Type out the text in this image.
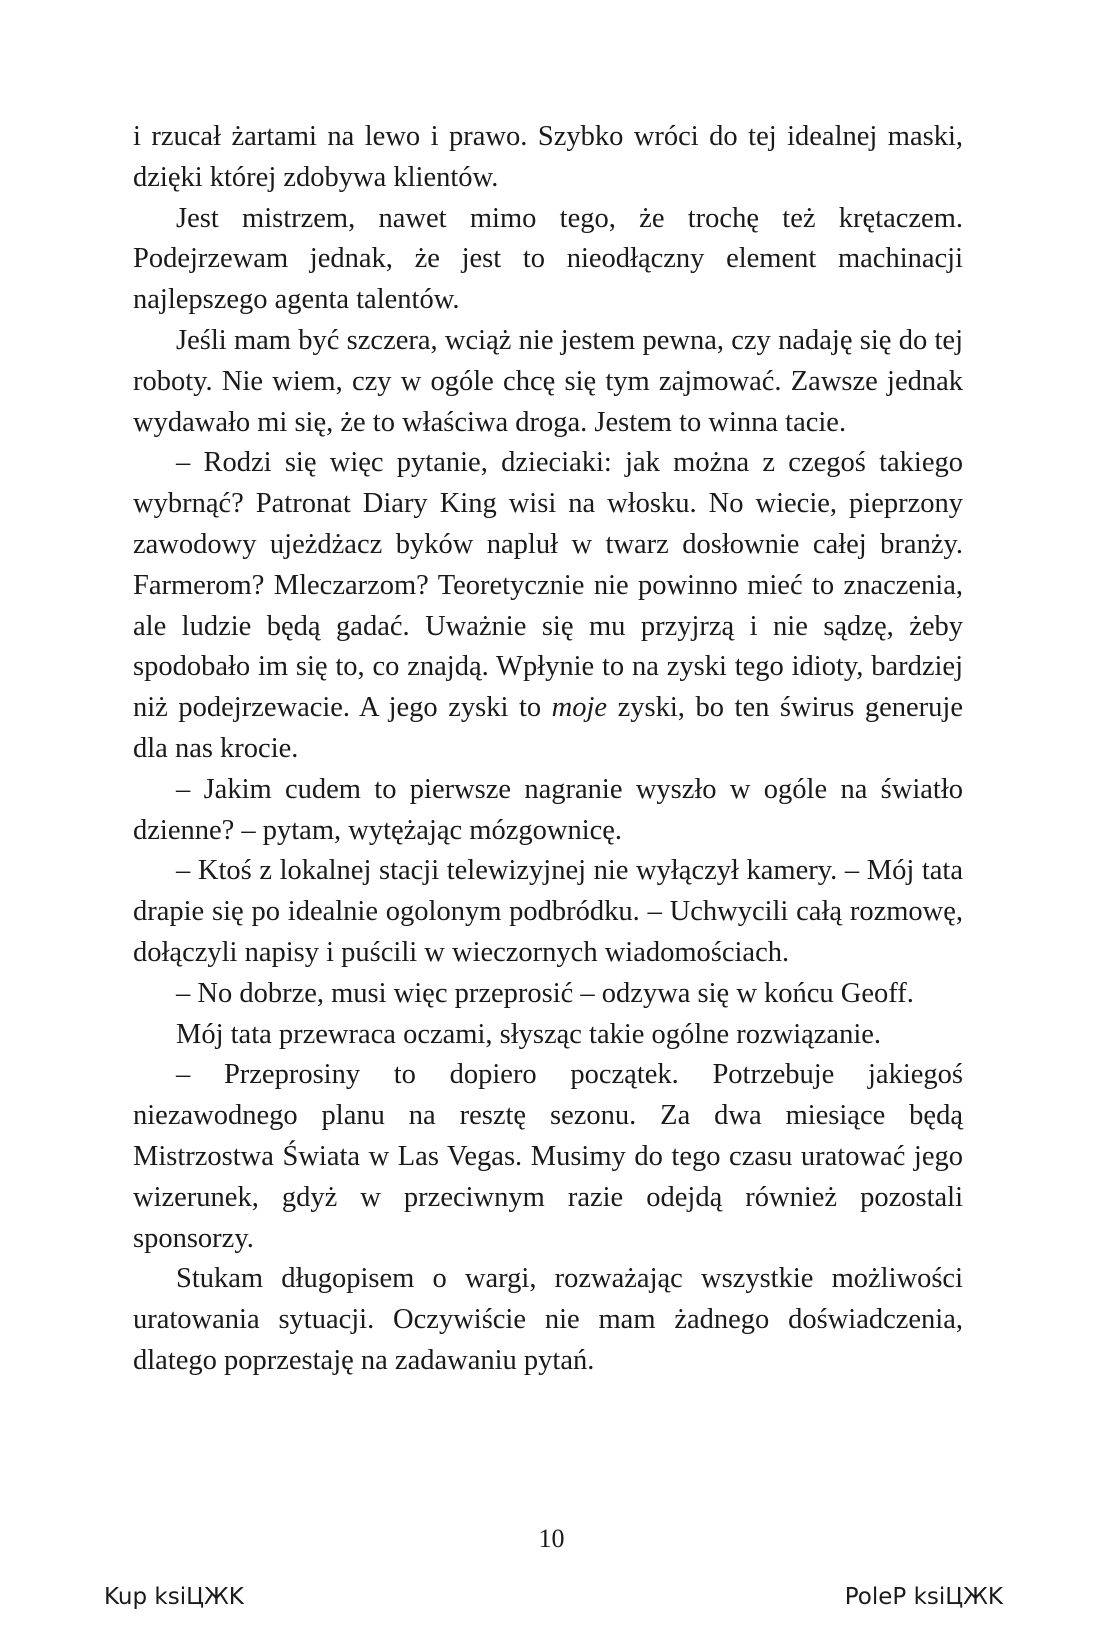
i rzucał żartami na lewo i prawo. Szybko wróci do tej idealnej maski, dzięki której zdobywa klientów.

Jest mistrzem, nawet mimo tego, że trochę też krętaczem. Podejrzewam jednak, że jest to nieodłączny element machinacji najlepszego agenta talentów.

Jeśli mam być szczera, wciąż nie jestem pewna, czy nadaję się do tej roboty. Nie wiem, czy w ogóle chcę się tym zajmować. Zawsze jednak wydawało mi się, że to właściwa droga. Jestem to winna tacie.

– Rodzi się więc pytanie, dzieciaki: jak można z czegoś takiego wybrnąć? Patronat Diary King wisi na włosku. No wiecie, pieprzony zawodowy ujeżdżacz byków napluł w twarz dosłownie całej branży. Farmerom? Mleczarzom? Teoretycznie nie powinno mieć to znaczenia, ale ludzie będą gadać. Uważnie się mu przyjrzą i nie sądzę, żeby spodobało im się to, co znajdą. Wpłynie to na zyski tego idioty, bardziej niż podejrzewacie. A jego zyski to moje zyski, bo ten świrus generuje dla nas krocie.

– Jakim cudem to pierwsze nagranie wyszło w ogóle na światło dzienne? – pytam, wytężając mózgownicę.

– Ktoś z lokalnej stacji telewizyjnej nie wyłączył kamery. – Mój tata drapie się po idealnie ogolonym podbródku. – Uchwycili całą rozmowę, dołączyli napisy i puścili w wieczornych wiadomościach.

– No dobrze, musi więc przeprosić – odzywa się w końcu Geoff.

Mój tata przewraca oczami, słysząc takie ogólne rozwiązanie.

– Przeprosiny to dopiero początek. Potrzebuje jakiegoś niezawodnego planu na resztę sezonu. Za dwa miesiące będą Mistrzostwa Świata w Las Vegas. Musimy do tego czasu uratować jego wizerunek, gdyż w przeciwnym razie odejdą również pozostali sponsorzy.

Stukam długopisem o wargi, rozważając wszystkie możliwości uratowania sytuacji. Oczywiście nie mam żadnego doświadczenia, dlatego poprzestaję na zadawaniu pytań.

10
Kup ksiЦЖK	PoleP ksiЦЖK
